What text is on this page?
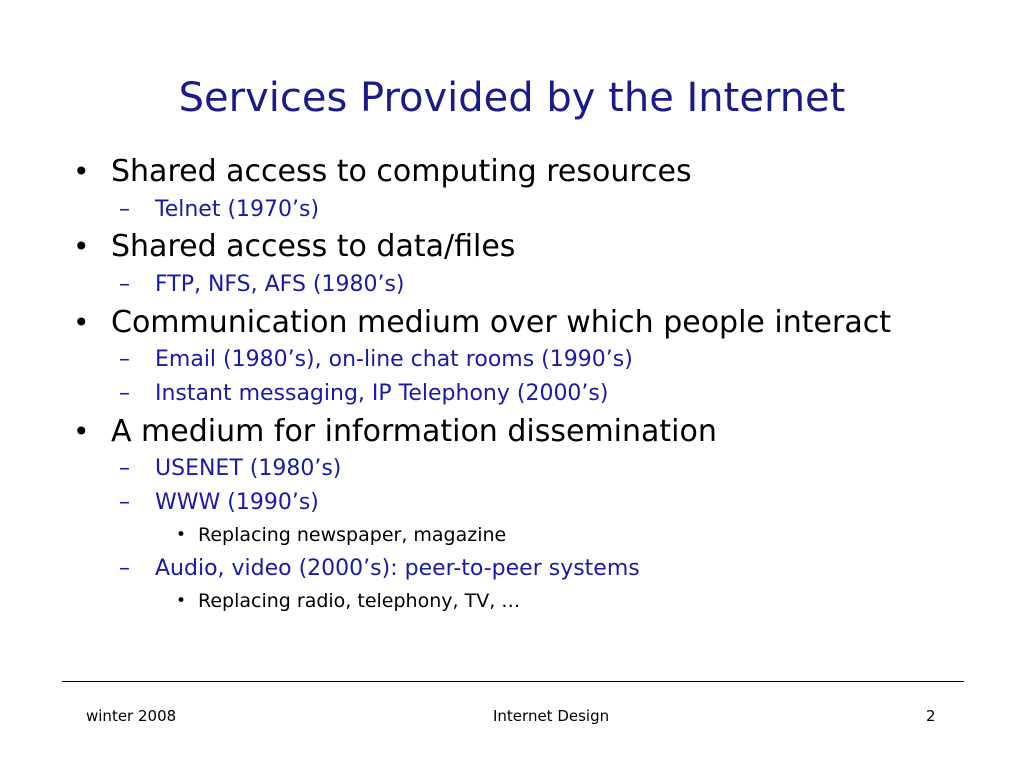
Services Provided by the Internet
• Shared access to computing resources
– Telnet (1970’s)
• Shared access to data/files
– FTP, NFS, AFS (1980’s)
• Communication medium over which people interact
– Email (1980’s), on-line chat rooms (1990’s)
– Instant messaging, IP Telephony (2000’s)
• A medium for information dissemination
– USENET (1980’s)
– WWW (1990’s)
• Replacing newspaper, magazine
– Audio, video (2000’s): peer-to-peer systems
• Replacing radio, telephony, TV, …
winter 2008	Internet Design	2
